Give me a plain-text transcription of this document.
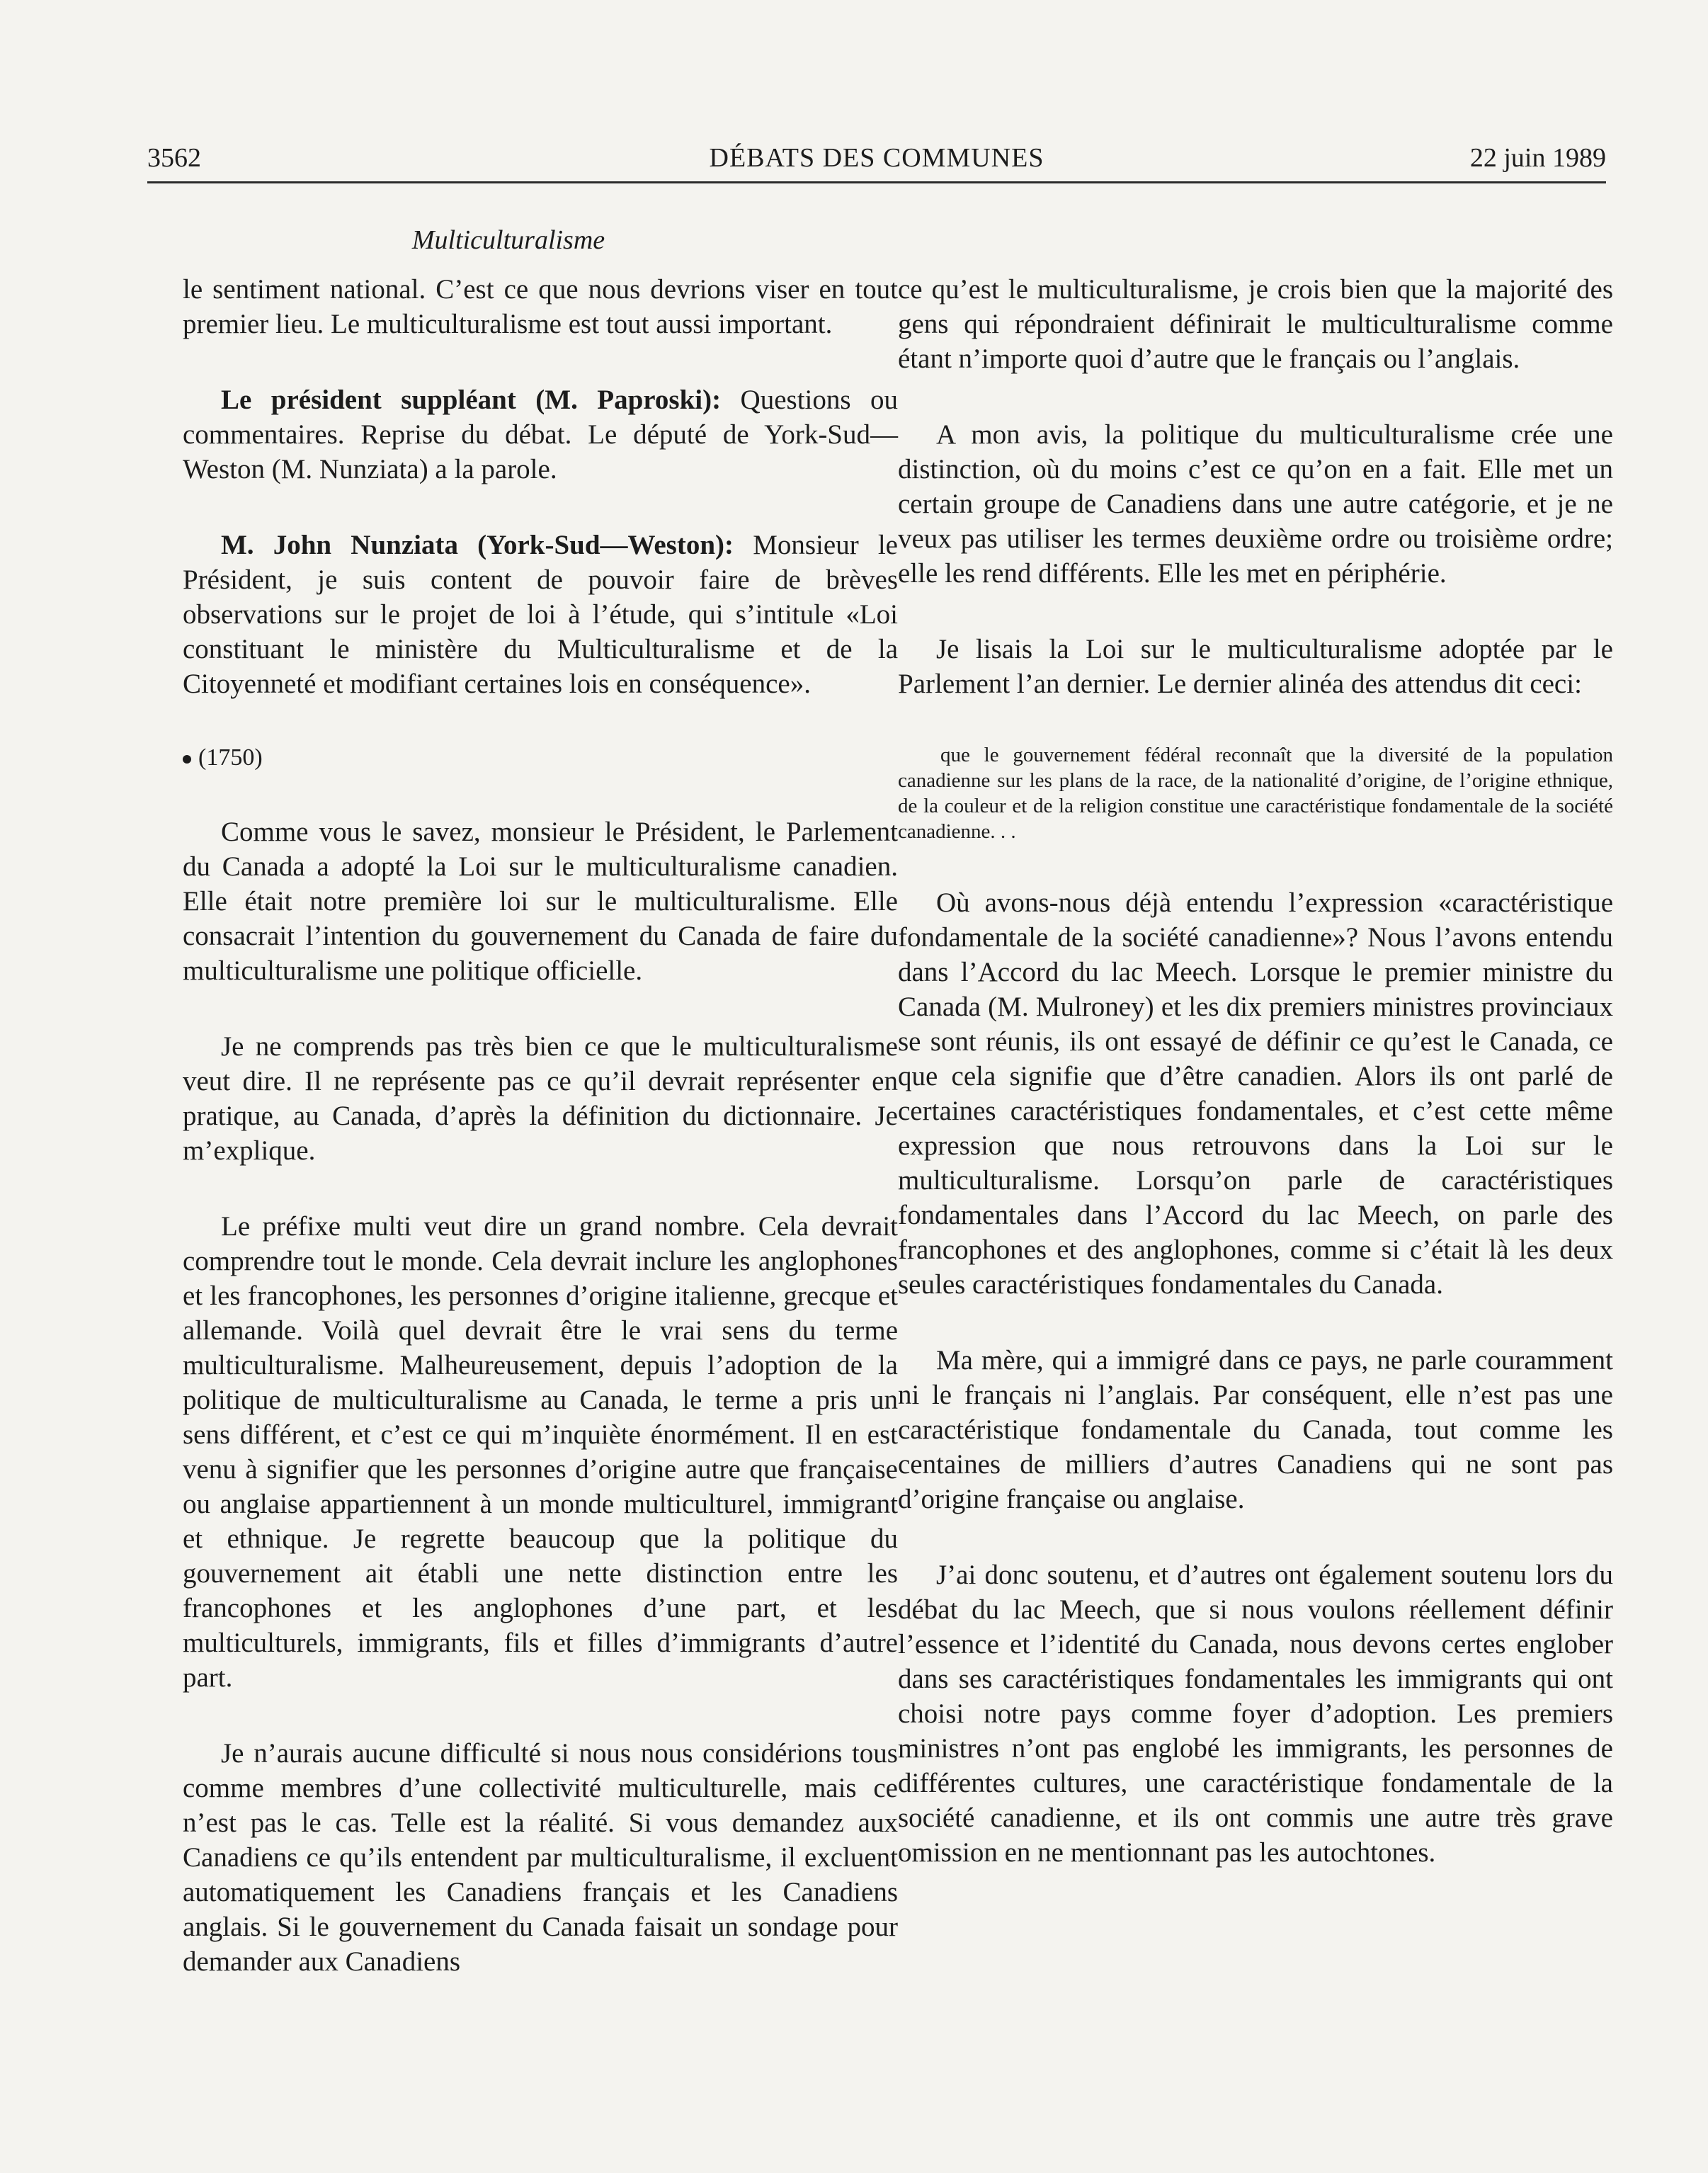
3562	DÉBATS DES COMMUNES	22 juin 1989
Multiculturalisme

le sentiment national. C’est ce que nous devrions viser en tout premier lieu. Le multiculturalisme est tout aussi important.

Le président suppléant (M. Paproski): Questions ou commentaires. Reprise du débat. Le député de York-Sud—Weston (M. Nunziata) a la parole.

M. John Nunziata (York-Sud—Weston): Monsieur le Président, je suis content de pouvoir faire de brèves observations sur le projet de loi à l’étude, qui s’intitule «Loi constituant le ministère du Multiculturalisme et de la Citoyenneté et modifiant certaines lois en conséquence».

(1750)

Comme vous le savez, monsieur le Président, le Parlement du Canada a adopté la Loi sur le multiculturalisme canadien. Elle était notre première loi sur le multiculturalisme. Elle consacrait l’intention du gouvernement du Canada de faire du multiculturalisme une politique officielle.

Je ne comprends pas très bien ce que le multiculturalisme veut dire. Il ne représente pas ce qu’il devrait représenter en pratique, au Canada, d’après la définition du dictionnaire. Je m’explique.

Le préfixe multi veut dire un grand nombre. Cela devrait comprendre tout le monde. Cela devrait inclure les anglophones et les francophones, les personnes d’origine italienne, grecque et allemande. Voilà quel devrait être le vrai sens du terme multiculturalisme. Malheureusement, depuis l’adoption de la politique de multiculturalisme au Canada, le terme a pris un sens différent, et c’est ce qui m’inquiète énormément. Il en est venu à signifier que les personnes d’origine autre que française ou anglaise appartiennent à un monde multiculturel, immigrant et ethnique. Je regrette beaucoup que la politique du gouvernement ait établi une nette distinction entre les francophones et les anglophones d’une part, et les multiculturels, immigrants, fils et filles d’immigrants d’autre part.

Je n’aurais aucune difficulté si nous nous considérions tous comme membres d’une collectivité multiculturelle, mais ce n’est pas le cas. Telle est la réalité. Si vous demandez aux Canadiens ce qu’ils entendent par multiculturalisme, il excluent automatiquement les Canadiens français et les Canadiens anglais. Si le gouvernement du Canada faisait un sondage pour demander aux Canadiens

ce qu’est le multiculturalisme, je crois bien que la majorité des gens qui répondraient définirait le multiculturalisme comme étant n’importe quoi d’autre que le français ou l’anglais.

A mon avis, la politique du multiculturalisme crée une distinction, où du moins c’est ce qu’on en a fait. Elle met un certain groupe de Canadiens dans une autre catégorie, et je ne veux pas utiliser les termes deuxième ordre ou troisième ordre; elle les rend différents. Elle les met en périphérie.

Je lisais la Loi sur le multiculturalisme adoptée par le Parlement l’an dernier. Le dernier alinéa des attendus dit ceci:

que le gouvernement fédéral reconnaît que la diversité de la population canadienne sur les plans de la race, de la nationalité d’origine, de l’origine ethnique, de la couleur et de la religion constitue une caractéristique fondamentale de la société canadienne. . .

Où avons-nous déjà entendu l’expression «caractéristique fondamentale de la société canadienne»? Nous l’avons entendu dans l’Accord du lac Meech. Lorsque le premier ministre du Canada (M. Mulroney) et les dix premiers ministres provinciaux se sont réunis, ils ont essayé de définir ce qu’est le Canada, ce que cela signifie que d’être canadien. Alors ils ont parlé de certaines caractéristiques fondamentales, et c’est cette même expression que nous retrouvons dans la Loi sur le multiculturalisme. Lorsqu’on parle de caractéristiques fondamentales dans l’Accord du lac Meech, on parle des francophones et des anglophones, comme si c’était là les deux seules caractéristiques fondamentales du Canada.

Ma mère, qui a immigré dans ce pays, ne parle couramment ni le français ni l’anglais. Par conséquent, elle n’est pas une caractéristique fondamentale du Canada, tout comme les centaines de milliers d’autres Canadiens qui ne sont pas d’origine française ou anglaise.

J’ai donc soutenu, et d’autres ont également soutenu lors du débat du lac Meech, que si nous voulons réellement définir l’essence et l’identité du Canada, nous devons certes englober dans ses caractéristiques fondamentales les immigrants qui ont choisi notre pays comme foyer d’adoption. Les premiers ministres n’ont pas englobé les immigrants, les personnes de différentes cultures, une caractéristique fondamentale de la société canadienne, et ils ont commis une autre très grave omission en ne mentionnant pas les autochtones.
